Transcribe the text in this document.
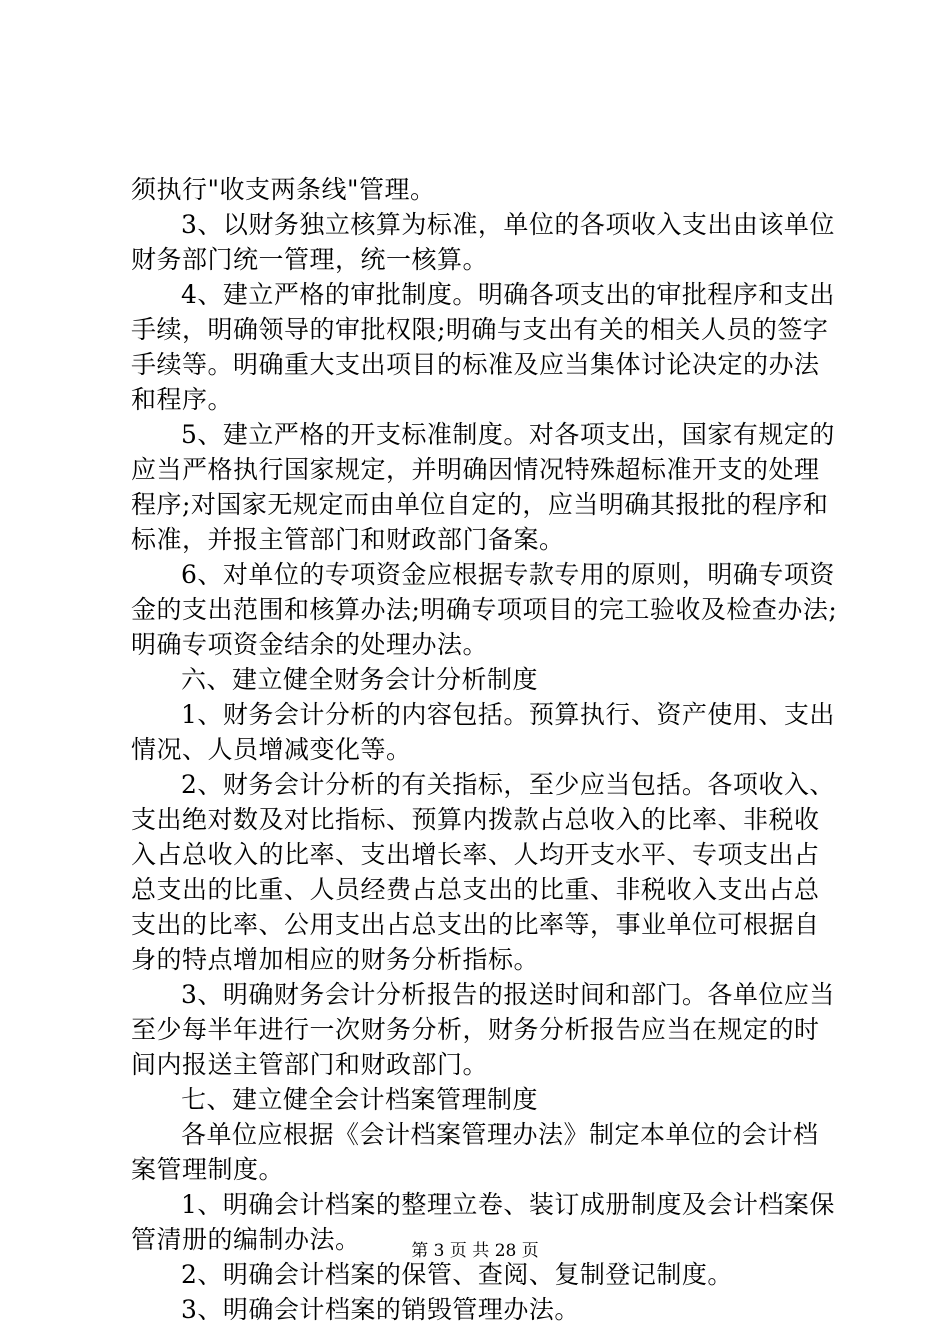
须执行"收支两条线"管理。
3、以财务独立核算为标准，单位的各项收入支出由该单位
财务部门统一管理，统一核算。
4、建立严格的审批制度。明确各项支出的审批程序和支出
手续，明确领导的审批权限;明确与支出有关的相关人员的签字
手续等。明确重大支出项目的标准及应当集体讨论决定的办法
和程序。
5、建立严格的开支标准制度。对各项支出，国家有规定的
应当严格执行国家规定，并明确因情况特殊超标准开支的处理
程序;对国家无规定而由单位自定的，应当明确其报批的程序和
标准，并报主管部门和财政部门备案。
6、对单位的专项资金应根据专款专用的原则，明确专项资
金的支出范围和核算办法;明确专项项目的完工验收及检查办法;
明确专项资金结余的处理办法。
六、建立健全财务会计分析制度
1、财务会计分析的内容包括。预算执行、资产使用、支出
情况、人员增减变化等。
2、财务会计分析的有关指标，至少应当包括。各项收入、
支出绝对数及对比指标、预算内拨款占总收入的比率、非税收
入占总收入的比率、支出增长率、人均开支水平、专项支出占
总支出的比重、人员经费占总支出的比重、非税收入支出占总
支出的比率、公用支出占总支出的比率等，事业单位可根据自
身的特点增加相应的财务分析指标。
3、明确财务会计分析报告的报送时间和部门。各单位应当
至少每半年进行一次财务分析，财务分析报告应当在规定的时
间内报送主管部门和财政部门。
七、建立健全会计档案管理制度
各单位应根据《会计档案管理办法》制定本单位的会计档
案管理制度。
1、明确会计档案的整理立卷、装订成册制度及会计档案保
管清册的编制办法。
2、明确会计档案的保管、查阅、复制登记制度。
3、明确会计档案的销毁管理办法。
第 3 页 共 28 页
